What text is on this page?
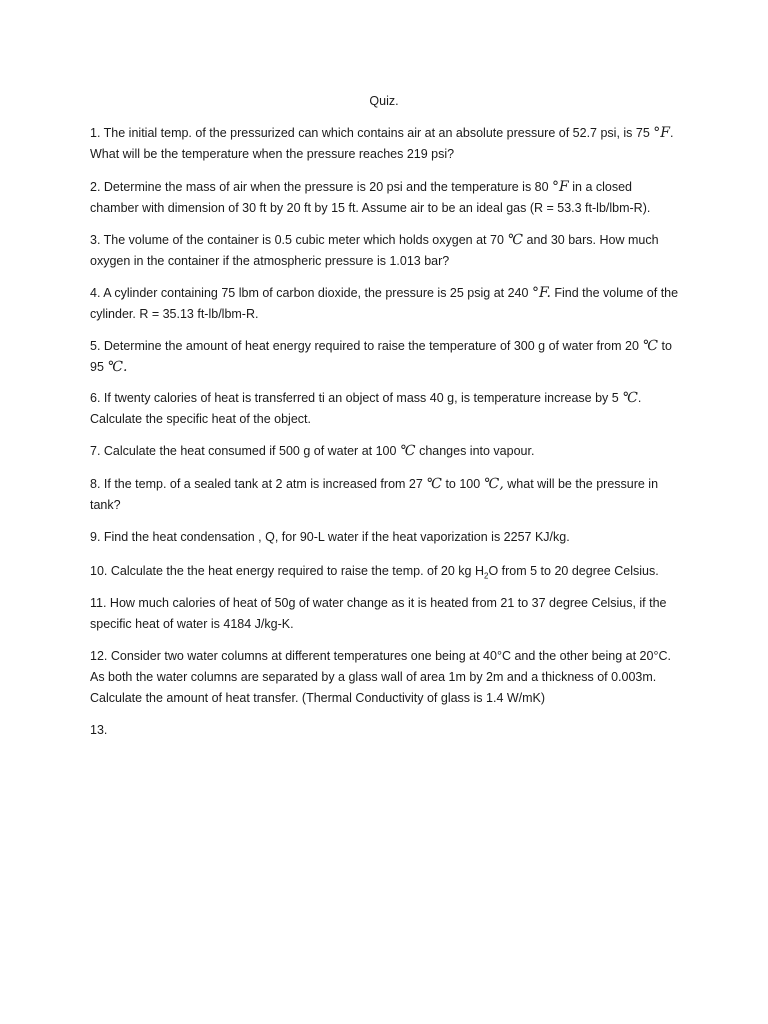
Quiz.

1. The initial temp. of the pressurized can which contains air at an absolute pressure of 52.7 psi, is 75 °F. What will be the temperature when the pressure reaches 219 psi?

2. Determine the mass of air when the pressure is 20 psi and the temperature is 80 °F in a closed chamber with dimension of 30 ft by 20 ft by 15 ft. Assume air to be an ideal gas (R = 53.3 ft-lb/lbm-R).

3. The volume of the container is 0.5 cubic meter which holds oxygen at 70 ℃ and 30 bars. How much oxygen in the container if the atmospheric pressure is 1.013 bar?

4. A cylinder containing 75 lbm of carbon dioxide, the pressure is 25 psig at 240 °F. Find the volume of the cylinder. R = 35.13 ft-lb/lbm-R.

5. Determine the amount of heat energy required to raise the temperature of 300 g of water from 20 ℃ to 95 ℃.

6. If twenty calories of heat is transferred ti an object of mass 40 g, is temperature increase by 5 ℃. Calculate the specific heat of the object.

7. Calculate the heat consumed if 500 g of water at 100 ℃ changes into vapour.

8. If the temp. of a sealed tank at 2 atm is increased from 27 ℃ to 100 ℃, what will be the pressure in tank?

9. Find the heat condensation , Q, for 90-L water if the heat vaporization is 2257 KJ/kg.

10. Calculate the the heat energy required to raise the temp. of 20 kg $H_2O$ from 5 to 20 degree Celsius.

11. How much calories of heat of 50g of water change as it is heated from 21 to 37 degree Celsius, if the specific heat of water is 4184 J/kg-K.

12. Consider two water columns at different temperatures one being at 40°C and the other being at 20°C. As both the water columns are separated by a glass wall of area 1m by 2m and a thickness of 0.003m. Calculate the amount of heat transfer. (Thermal Conductivity of glass is 1.4 W/mK)

13.
